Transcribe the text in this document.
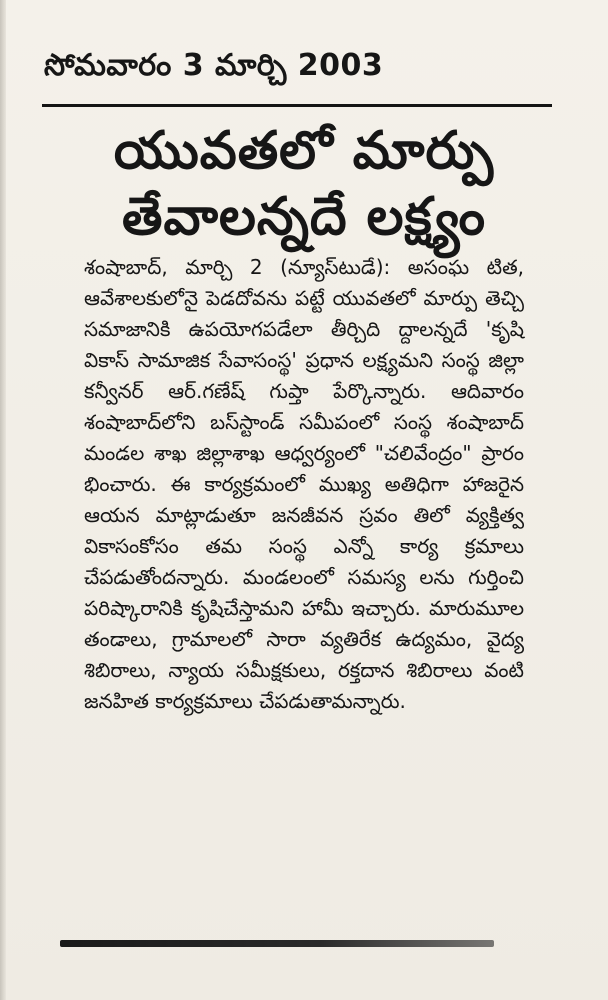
సోమవారం 3 మార్చి 2003
యువతలో మార్పు
తేవాలన్నదే లక్ష్యం

శంషాబాద్, మార్చి 2 (న్యూస్‌టుడే): అసంఘ టిత, ఆవేశాలకులోనై పెడదోవను పట్టే యువతలో మార్పు తెచ్చి సమాజానికి ఉపయోగపడేలా తీర్చిది ద్దాలన్నదే 'కృషి వికాస్ సామాజిక సేవాసంస్థ' ప్రధాన లక్ష్యమని సంస్థ జిల్లా కన్వీనర్ ఆర్.గణేష్ గుప్తా పేర్కొన్నారు. ఆదివారం శంషాబాద్‌లోని బస్‌స్టాండ్ సమీపంలో సంస్థ శంషాబాద్ మండల శాఖ జిల్లాశాఖ ఆధ్వర్యంలో "చలివేంద్రం" ప్రారం భించారు. ఈ కార్యక్రమంలో ముఖ్య అతిధిగా హాజరైన ఆయన మాట్లాడుతూ జనజీవన స్రవం తిలో వ్యక్తిత్వ వికాసంకోసం తమ సంస్థ ఎన్నో కార్య క్రమాలు చేపడుతోందన్నారు. మండలంలో సమస్య లను గుర్తించి పరిష్కారానికి కృషిచేస్తామని హామీ ఇచ్చారు. మారుమూల తండాలు, గ్రామాలలో సారా వ్యతిరేక ఉద్యమం, వైద్య శిబిరాలు, న్యాయ సమీక్షకులు, రక్తదాన శిబిరాలు వంటి జనహిత కార్యక్రమాలు చేపడుతామన్నారు.
